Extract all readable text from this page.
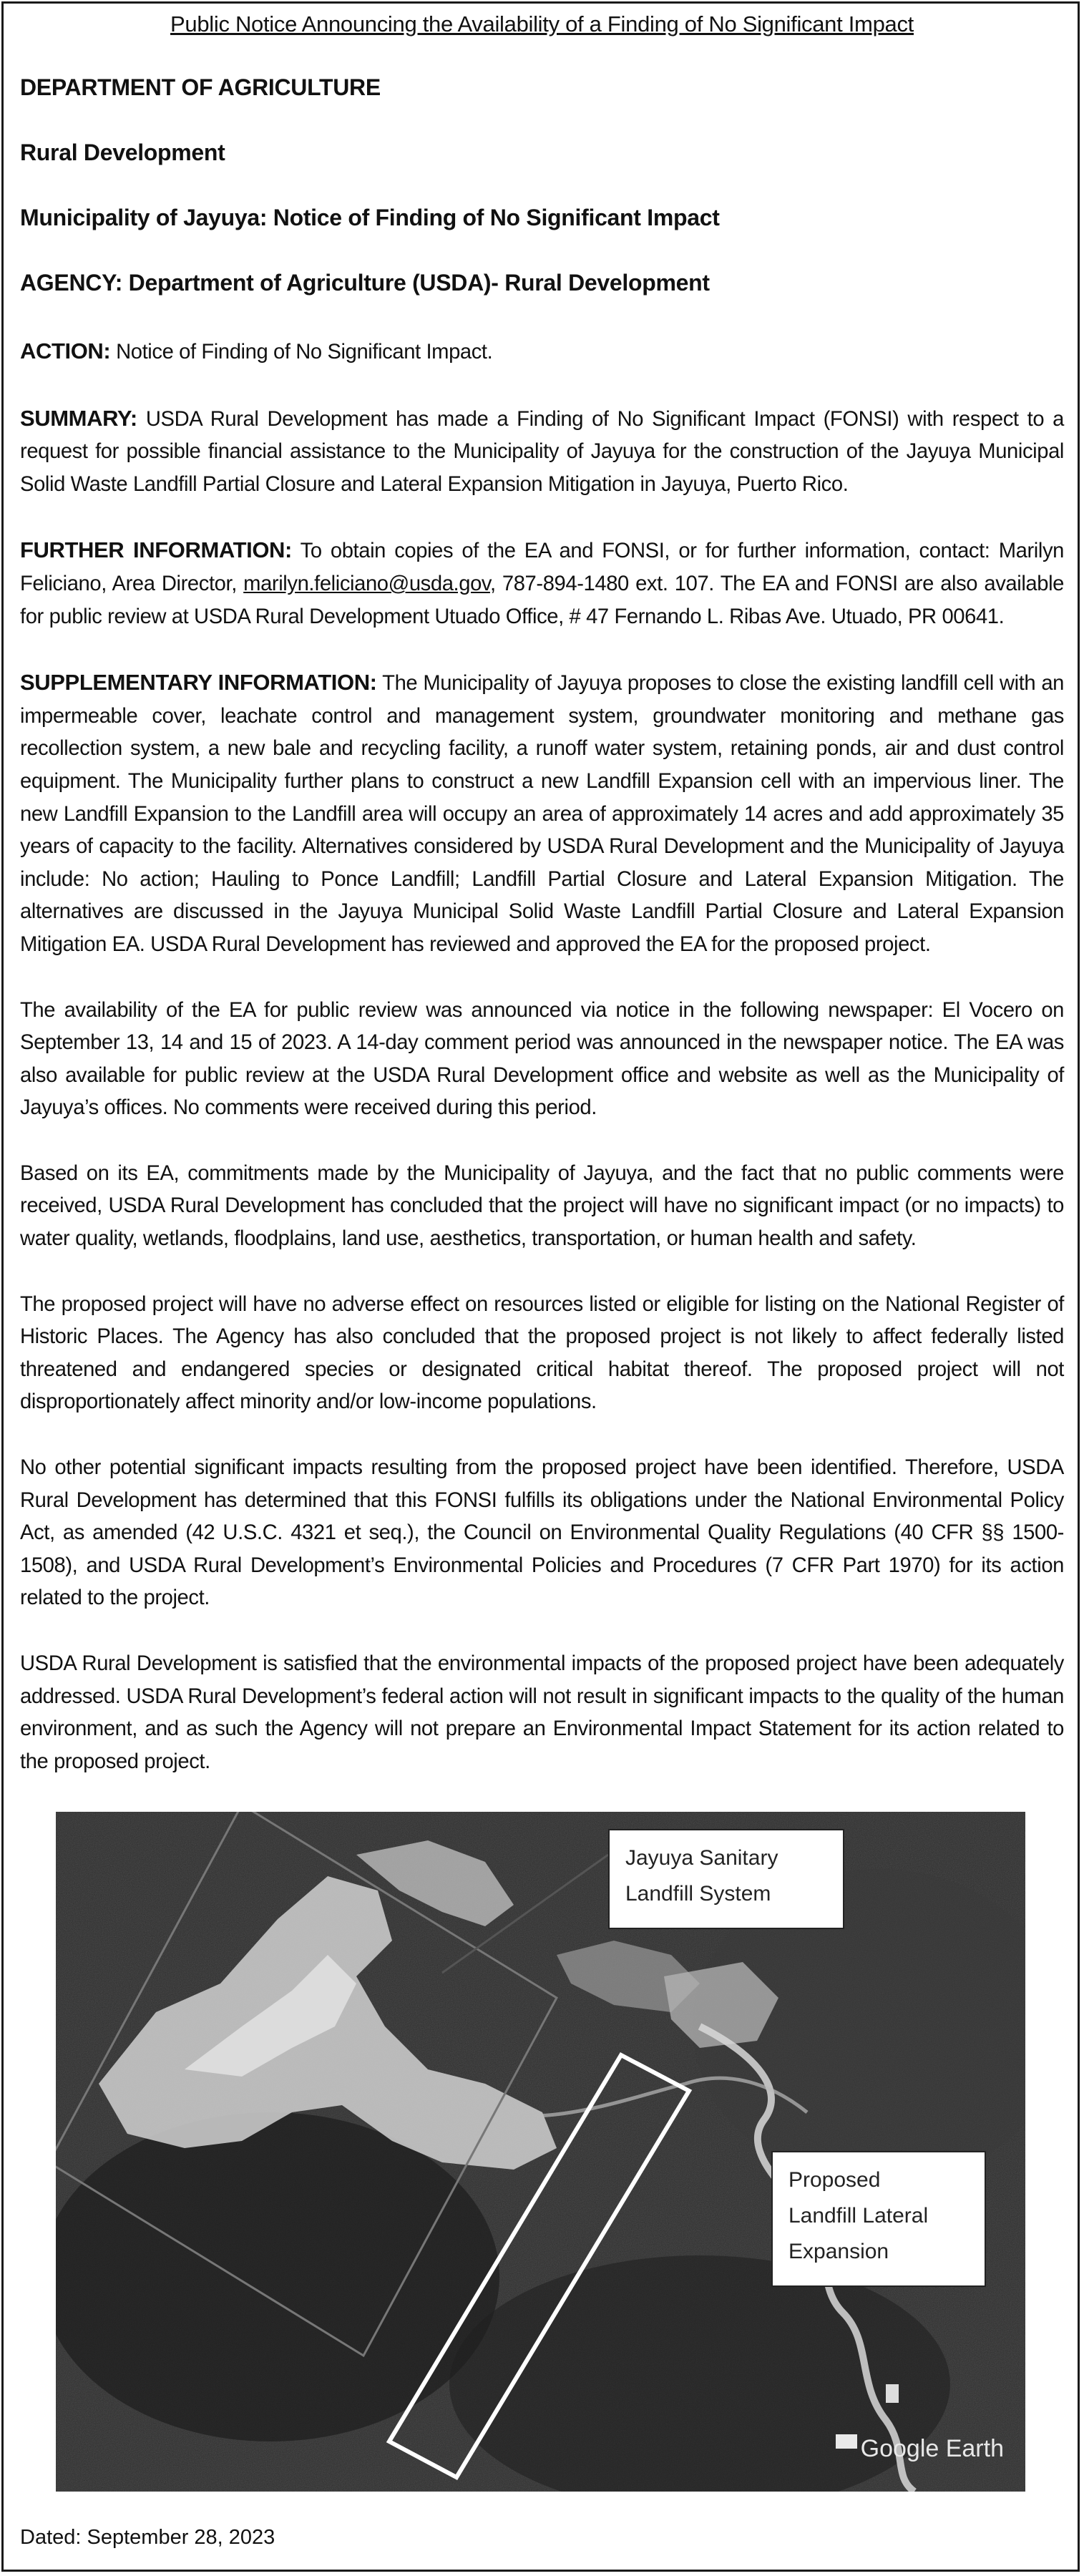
Public Notice Announcing the Availability of a Finding of No Significant Impact
DEPARTMENT OF AGRICULTURE
Rural Development
Municipality of Jayuya: Notice of Finding of No Significant Impact
AGENCY: Department of Agriculture (USDA)- Rural Development
ACTION: Notice of Finding of No Significant Impact.
SUMMARY: USDA Rural Development has made a Finding of No Significant Impact (FONSI) with respect to a request for possible financial assistance to the Municipality of Jayuya for the construction of the Jayuya Municipal Solid Waste Landfill Partial Closure and Lateral Expansion Mitigation in Jayuya, Puerto Rico.
FURTHER INFORMATION: To obtain copies of the EA and FONSI, or for further information, contact: Marilyn Feliciano, Area Director, marilyn.feliciano@usda.gov, 787-894-1480 ext. 107. The EA and FONSI are also available for public review at USDA Rural Development Utuado Office, # 47 Fernando L. Ribas Ave. Utuado, PR 00641.
SUPPLEMENTARY INFORMATION: The Municipality of Jayuya proposes to close the existing landfill cell with an impermeable cover, leachate control and management system, groundwater monitoring and methane gas recollection system, a new bale and recycling facility, a runoff water system, retaining ponds, air and dust control equipment. The Municipality further plans to construct a new Landfill Expansion cell with an impervious liner. The new Landfill Expansion to the Landfill area will occupy an area of approximately 14 acres and add approximately 35 years of capacity to the facility. Alternatives considered by USDA Rural Development and the Municipality of Jayuya include: No action; Hauling to Ponce Landfill; Landfill Partial Closure and Lateral Expansion Mitigation. The alternatives are discussed in the Jayuya Municipal Solid Waste Landfill Partial Closure and Lateral Expansion Mitigation EA. USDA Rural Development has reviewed and approved the EA for the proposed project.
The availability of the EA for public review was announced via notice in the following newspaper: El Vocero on September 13, 14 and 15 of 2023. A 14-day comment period was announced in the newspaper notice. The EA was also available for public review at the USDA Rural Development office and website as well as the Municipality of Jayuya’s offices. No comments were received during this period.
Based on its EA, commitments made by the Municipality of Jayuya, and the fact that no public comments were received, USDA Rural Development has concluded that the project will have no significant impact (or no impacts) to water quality, wetlands, floodplains, land use, aesthetics, transportation, or human health and safety.
The proposed project will have no adverse effect on resources listed or eligible for listing on the National Register of Historic Places. The Agency has also concluded that the proposed project is not likely to affect federally listed threatened and endangered species or designated critical habitat thereof. The proposed project will not disproportionately affect minority and/or low-income populations.
No other potential significant impacts resulting from the proposed project have been identified. Therefore, USDA Rural Development has determined that this FONSI fulfills its obligations under the National Environmental Policy Act, as amended (42 U.S.C. 4321 et seq.), the Council on Environmental Quality Regulations (40 CFR §§ 1500-1508), and USDA Rural Development’s Environmental Policies and Procedures (7 CFR Part 1970) for its action related to the project.
USDA Rural Development is satisfied that the environmental impacts of the proposed project have been adequately addressed. USDA Rural Development’s federal action will not result in significant impacts to the quality of the human environment, and as such the Agency will not prepare an Environmental Impact Statement for its action related to the proposed project.
Jayuya Sanitary
Landfill System
Proposed
Landfill Lateral
Expansion
Google Earth
Dated: September 28, 2023
